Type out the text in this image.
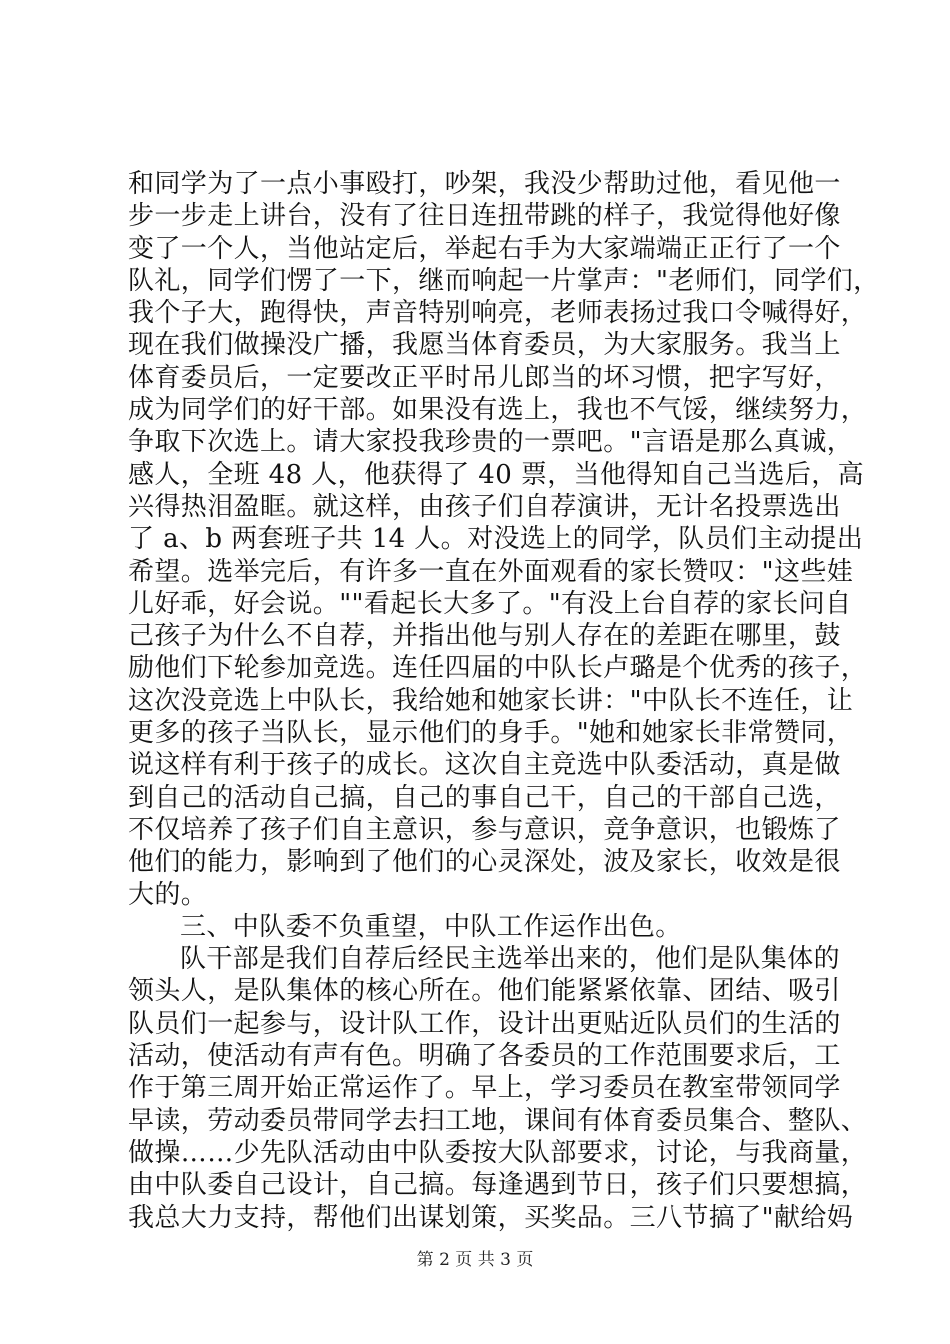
和同学为了一点小事殴打，吵架，我没少帮助过他，看见他一
步一步走上讲台，没有了往日连扭带跳的样子，我觉得他好像
变了一个人，当他站定后，举起右手为大家端端正正行了一个
队礼，同学们愣了一下，继而响起一片掌声："老师们，同学们，
我个子大，跑得快，声音特别响亮，老师表扬过我口令喊得好，
现在我们做操没广播，我愿当体育委员，为大家服务。我当上
体育委员后，一定要改正平时吊儿郎当的坏习惯，把字写好，
成为同学们的好干部。如果没有选上，我也不气馁，继续努力，
争取下次选上。请大家投我珍贵的一票吧。"言语是那么真诚，
感人，全班 48 人，他获得了 40 票，当他得知自己当选后，高
兴得热泪盈眶。就这样，由孩子们自荐演讲，无计名投票选出
了 a、b 两套班子共 14 人。对没选上的同学，队员们主动提出
希望。选举完后，有许多一直在外面观看的家长赞叹："这些娃
儿好乖，好会说。""看起长大多了。"有没上台自荐的家长问自
己孩子为什么不自荐，并指出他与别人存在的差距在哪里，鼓
励他们下轮参加竞选。连任四届的中队长卢璐是个优秀的孩子，
这次没竞选上中队长，我给她和她家长讲："中队长不连任，让
更多的孩子当队长，显示他们的身手。"她和她家长非常赞同，
说这样有利于孩子的成长。这次自主竞选中队委活动，真是做
到自己的活动自己搞，自己的事自己干，自己的干部自己选，
不仅培养了孩子们自主意识，参与意识，竞争意识，也锻炼了
他们的能力，影响到了他们的心灵深处，波及家长，收效是很
大的。
三、中队委不负重望，中队工作运作出色。
队干部是我们自荐后经民主选举出来的，他们是队集体的
领头人，是队集体的核心所在。他们能紧紧依靠、团结、吸引
队员们一起参与，设计队工作，设计出更贴近队员们的生活的
活动，使活动有声有色。明确了各委员的工作范围要求后，工
作于第三周开始正常运作了。早上，学习委员在教室带领同学
早读，劳动委员带同学去扫工地，课间有体育委员集合、整队、
做操……少先队活动由中队委按大队部要求，讨论，与我商量，
由中队委自己设计，自己搞。每逢遇到节日，孩子们只要想搞，
我总大力支持，帮他们出谋划策，买奖品。三八节搞了"献给妈
第 2 页 共 3 页
